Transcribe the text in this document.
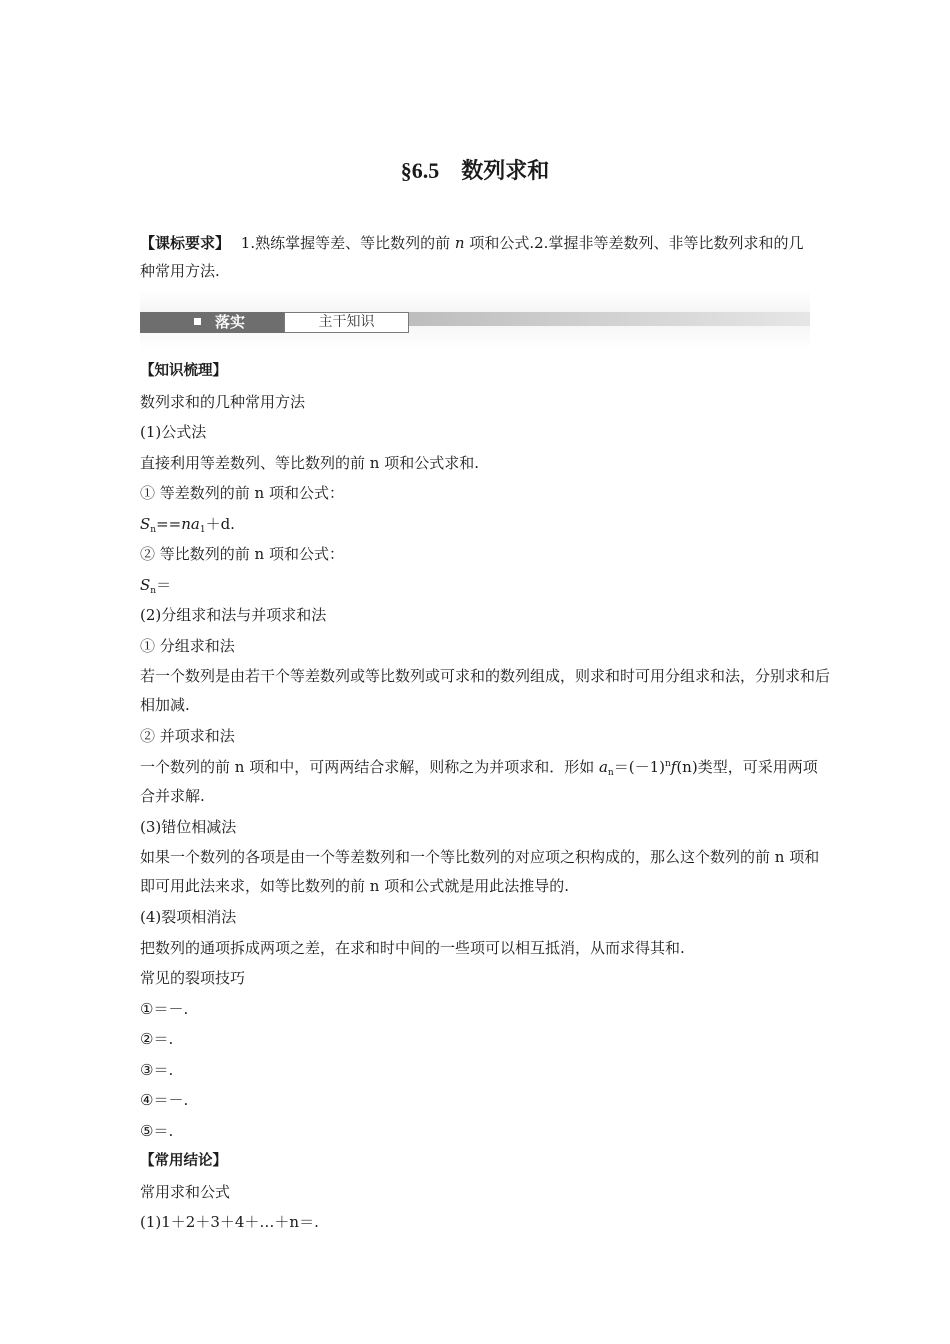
§6.5 数列求和
【课标要求】 1.熟练掌握等差、等比数列的前 n 项和公式.2.掌握非等差数列、非等比数列求和的几种常用方法.
落实	主干知识
【知识梳理】
数列求和的几种常用方法
(1)公式法
直接利用等差数列、等比数列的前 n 项和公式求和.
① 等差数列的前 n 项和公式：
$S_n==na_1+d$.
② 等比数列的前 n 项和公式：
$S_n=$
(2)分组求和法与并项求和法
① 分组求和法
若一个数列是由若干个等差数列或等比数列或可求和的数列组成，则求和时可用分组求和法，分别求和后相加减.
② 并项求和法
一个数列的前 n 项和中，可两两结合求解，则称之为并项求和．形如 $a_n=(-1)^nf(n)$类型，可采用两项合并求解.
(3)错位相减法
如果一个数列的各项是由一个等差数列和一个等比数列的对应项之积构成的，那么这个数列的前 n 项和即可用此法来求，如等比数列的前 n 项和公式就是用此法推导的.
(4)裂项相消法
把数列的通项拆成两项之差，在求和时中间的一些项可以相互抵消，从而求得其和.
常见的裂项技巧
①＝－.
②＝.
③＝.
④＝－.
⑤＝.
【常用结论】
常用求和公式
(1)1＋2＋3＋4＋…＋n＝.
